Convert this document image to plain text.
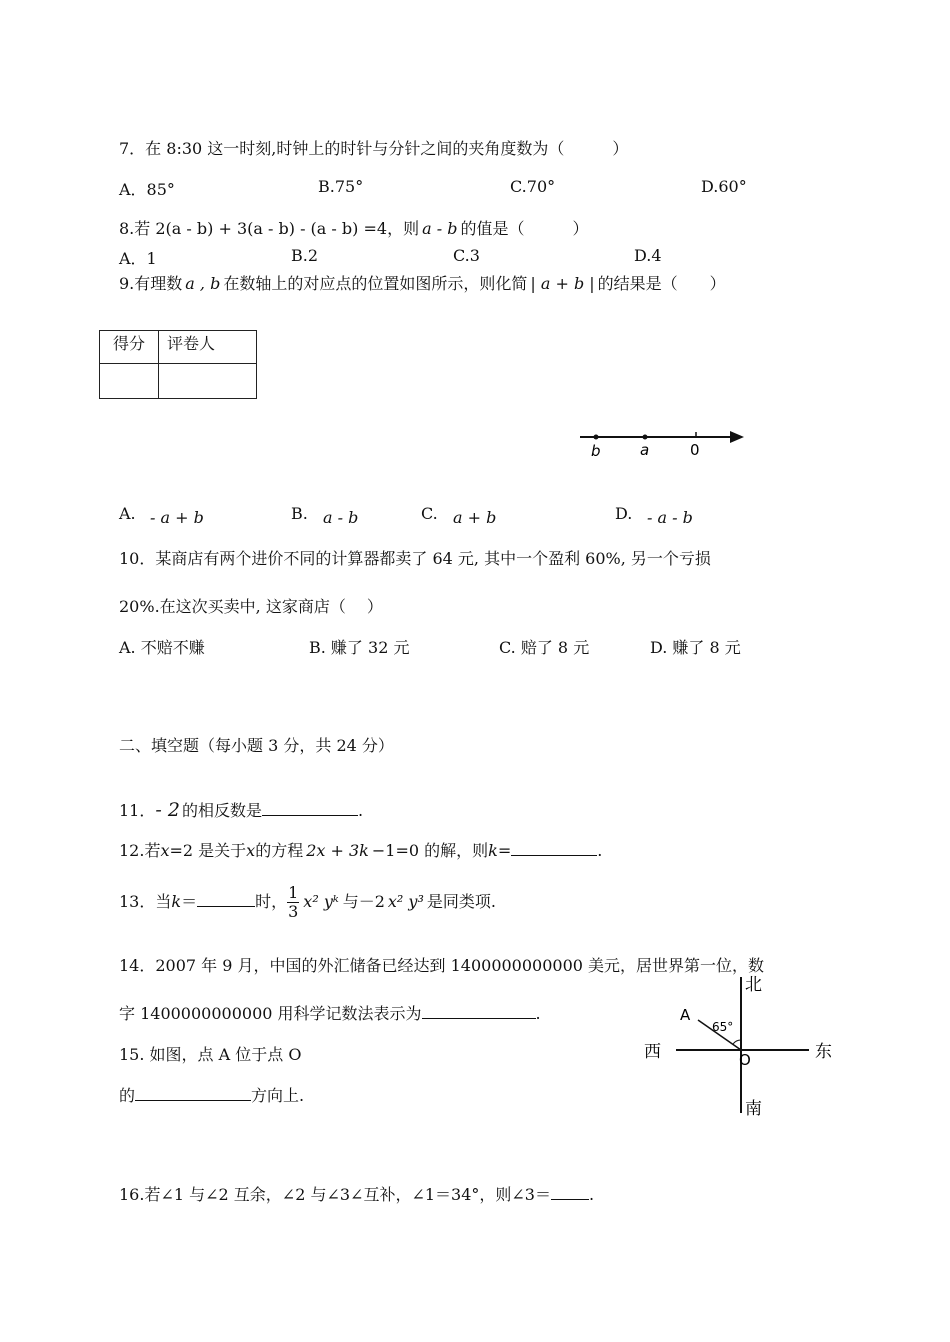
7．在 8:30 这一时刻,时钟上的时针与分针之间的夹角度数为（　　　）
A．85°	B.75°	C.70°	D.60°
8.若 2(a - b) + 3(a - b) - (a - b) =4，则 a - b 的值是（　　　）
A．1	B.2	C.3	D.4
9.有理数 a , b 在数轴上的对应点的位置如图所示，则化简 | a + b | 的结果是（　　）
得分	评卷人

b	a	0
A. - a + b	B. a - b	C. a + b	D. - a - b
10．某商店有两个进价不同的计算器都卖了 64 元, 其中一个盈利 60%, 另一个亏损
20%.在这次买卖中, 这家商店（　 ）
A. 不赔不赚	B. 赚了 32 元	C. 赔了 8 元	D. 赚了 8 元
二、填空题（每小题 3 分，共 24 分）
11．- 2 的相反数是	.
12.若x=2 是关于x的方程 2x + 3k −1=0 的解，则k=	.
13．当k＝	时， $\frac{1}{3} x^2$ yᵏ 与－2 x² y³ 是同类项.
14．2007 年 9 月，中国的外汇储备已经达到 1400000000000 美元，居世界第一位，数
字 1400000000000 用科学记数法表示为	.
15. 如图，点 A 位于点 O
的	方向上.
北
南
东
西
A
O
65°
16.若∠1 与∠2 互余，∠2 与∠3∠互补，∠1＝34°，则∠3＝ .
